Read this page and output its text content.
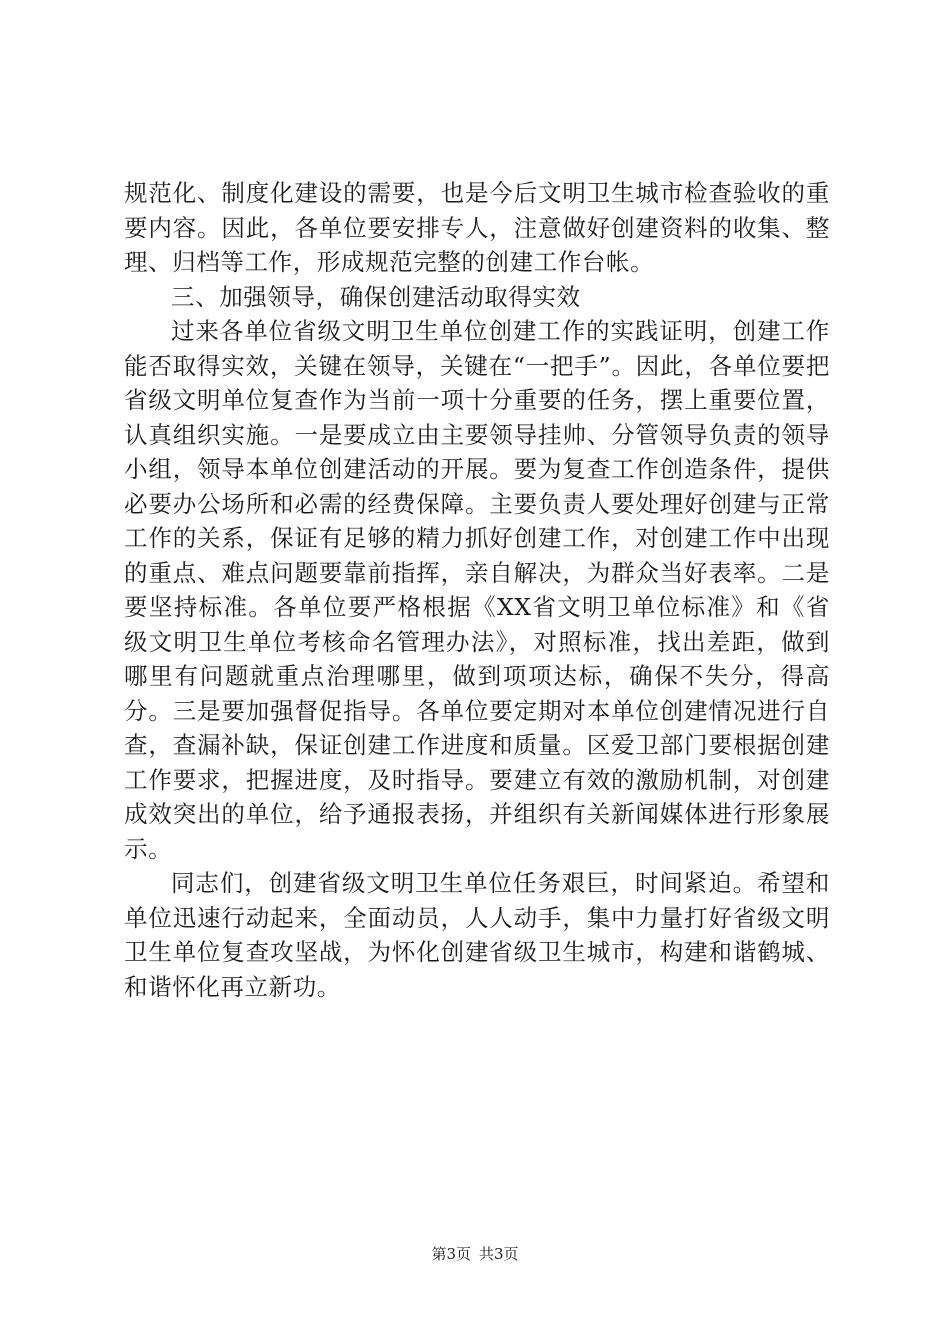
规范化、制度化建设的需要，也是今后文明卫生城市检查验收的重要内容。因此，各单位要安排专人，注意做好创建资料的收集、整理、归档等工作，形成规范完整的创建工作台帐。

三、加强领导，确保创建活动取得实效

过来各单位省级文明卫生单位创建工作的实践证明，创建工作能否取得实效，关键在领导，关键在“一把手”。因此，各单位要把省级文明单位复查作为当前一项十分重要的任务，摆上重要位置，认真组织实施。一是要成立由主要领导挂帅、分管领导负责的领导小组，领导本单位创建活动的开展。要为复查工作创造条件，提供必要办公场所和必需的经费保障。主要负责人要处理好创建与正常工作的关系，保证有足够的精力抓好创建工作，对创建工作中出现的重点、难点问题要靠前指挥，亲自解决，为群众当好表率。二是要坚持标准。各单位要严格根据《XX省文明卫单位标准》和《省级文明卫生单位考核命名管理办法》，对照标准，找出差距，做到哪里有问题就重点治理哪里，做到项项达标，确保不失分，得高分。三是要加强督促指导。各单位要定期对本单位创建情况进行自查，查漏补缺，保证创建工作进度和质量。区爱卫部门要根据创建工作要求，把握进度，及时指导。要建立有效的激励机制，对创建成效突出的单位，给予通报表扬，并组织有关新闻媒体进行形象展示。

同志们，创建省级文明卫生单位任务艰巨，时间紧迫。希望和单位迅速行动起来，全面动员，人人动手，集中力量打好省级文明卫生单位复查攻坚战，为怀化创建省级卫生城市，构建和谐鹤城、和谐怀化再立新功。

第3页 共3页
